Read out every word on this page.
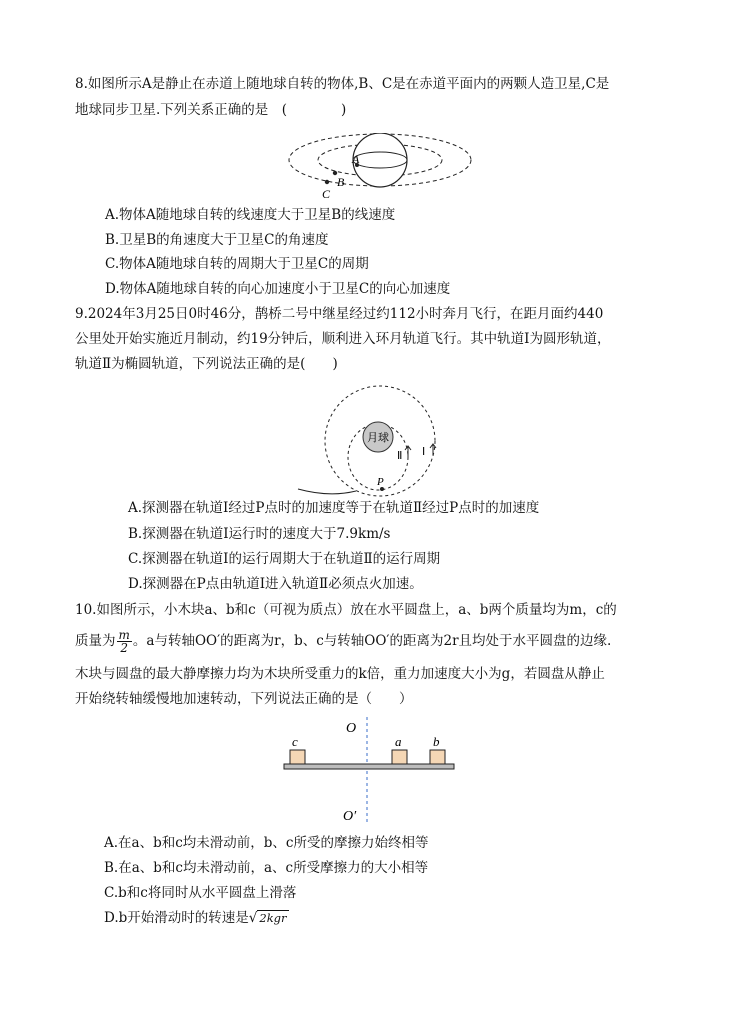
8.如图所示A是静止在赤道上随地球自转的物体,B、C是在赤道平面内的两颗人造卫星,C是
地球同步卫星.下列关系正确的是　(　　　　)
A
B
C
A.物体A随地球自转的线速度大于卫星B的线速度
B.卫星B的角速度大于卫星C的角速度
C.物体A随地球自转的周期大于卫星C的周期
D.物体A随地球自转的向心加速度小于卫星C的向心加速度
9.2024年3月25日0时46分，鹊桥二号中继星经过约112小时奔月飞行，在距月面约440
公里处开始实施近月制动，约19分钟后，顺利进入环月轨道飞行。其中轨道Ⅰ为圆形轨道，
轨道Ⅱ为椭圆轨道，下列说法正确的是(　　)
月球
P
Ⅱ Ⅰ
A.探测器在轨道Ⅰ经过P点时的加速度等于在轨道Ⅱ经过P点时的加速度
B.探测器在轨道Ⅰ运行时的速度大于7.9km/s
C.探测器在轨道Ⅰ的运行周期大于在轨道Ⅱ的运行周期
D.探测器在P点由轨道Ⅰ进入轨道Ⅱ必须点火加速。
10.如图所示，小木块a、b和c（可视为质点）放在水平圆盘上，a、b两个质量均为m，c的
质量为 $\frac{m}{2}$ 。a与转轴OO′的距离为r，b、c与转轴OO′的距离为2r且均处于水平圆盘的边缘.
木块与圆盘的最大静摩擦力均为木块所受重力的k倍，重力加速度大小为g，若圆盘从静止
开始绕转轴缓慢地加速转动，下列说法正确的是（　　）
O
O′
c	a b
A.在a、b和c均未滑动前，b、c所受的摩擦力始终相等
B.在a、b和c均未滑动前，a、c所受摩擦力的大小相等
C.b和c将同时从水平圆盘上滑落
D.b开始滑动时的转速是√ 2kgr
